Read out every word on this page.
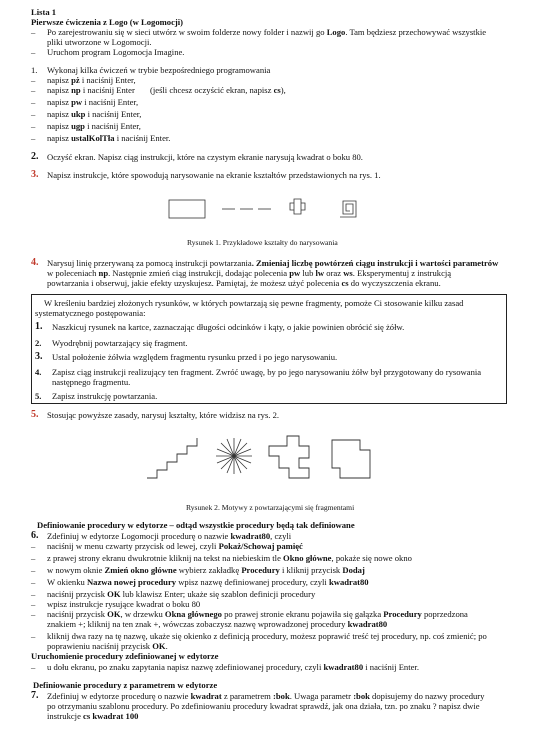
Lista 1
Pierwsze ćwiczenia z Logo (w Logomocji)
– Po zarejestrowaniu się w sieci utwórz w swoim folderze nowy folder i nazwij go Logo. Tam będziesz przechowywać wszystkie
pliki utworzone w Logomocji.
– Uruchom program Logomocja Imagine.
1. Wykonaj kilka ćwiczeń w trybie bezpośredniego programowania
– napisz pż i naciśnij Enter,
– napisz np i naciśnij Enter (jeśli chcesz oczyścić ekran, napisz cs),
– napisz pw i naciśnij Enter,
– napisz ukp i naciśnij Enter,
– napisz ugp i naciśnij Enter,
– napisz ustalKolTła i naciśnij Enter.
2. Oczyść ekran. Napisz ciąg instrukcji, które na czystym ekranie narysują kwadrat o boku 80.
3. Napisz instrukcje, które spowodują narysowanie na ekranie kształtów przedstawionych na rys. 1.
Rysunek 1. Przykładowe kształty do narysowania
4. Narysuj linię przerywaną za pomocą instrukcji powtarzania. Zmieniaj liczbę powtórzeń ciągu instrukcji i wartości parametrów
w poleceniach np. Następnie zmień ciąg instrukcji, dodając polecenia pw lub lw oraz ws. Eksperymentuj z instrukcją
powtarzania i obserwuj, jakie efekty uzyskujesz. Pamiętaj, że możesz użyć polecenia cs do wyczyszczenia ekranu.
W kreśleniu bardziej złożonych rysunków, w których powtarzają się pewne fragmenty, pomoże Ci stosowanie kilku zasad
systematycznego postępowania:
1. Naszkicuj rysunek na kartce, zaznaczając długości odcinków i kąty, o jakie powinien obrócić się żółw.
2. Wyodrębnij powtarzający się fragment.
3. Ustal położenie żółwia względem fragmentu rysunku przed i po jego narysowaniu.
4. Zapisz ciąg instrukcji realizujący ten fragment. Zwróć uwagę, by po jego narysowaniu żółw był przygotowany do rysowania
następnego fragmentu.
5. Zapisz instrukcję powtarzania.
5. Stosując powyższe zasady, narysuj kształty, które widzisz na rys. 2.
Rysunek 2. Motywy z powtarzającymi się fragmentami
Definiowanie procedury w edytorze – odtąd wszystkie procedury będą tak definiowane
6. Zdefiniuj w edytorze Logomocji procedurę o nazwie kwadrat80, czyli
– naciśnij w menu czwarty przycisk od lewej, czyli Pokaż/Schowaj pamięć
– z prawej strony ekranu dwukrotnie kliknij na tekst na niebieskim tle Okno główne, pokaże się nowe okno
– w nowym oknie Zmień okno główne wybierz zakładkę Procedury i kliknij przycisk Dodaj
– W okienku Nazwa nowej procedury wpisz nazwę definiowanej procedury, czyli kwadrat80
– naciśnij przycisk OK lub klawisz Enter; ukaże się szablon definicji procedury
– wpisz instrukcje rysujące kwadrat o boku 80
– naciśnij przycisk OK, w drzewku Okna głównego po prawej stronie ekranu pojawiła się gałązka Procedury poprzedzona
znakiem +; kliknij na ten znak +, wówczas zobaczysz nazwę wprowadzonej procedury kwadrat80
– kliknij dwa razy na tę nazwę, ukaże się okienko z definicją procedury, możesz poprawić treść tej procedury, np. coś zmienić; po
poprawieniu naciśnij przycisk OK.
Uruchomienie procedury zdefiniowanej w edytorze
– u dołu ekranu, po znaku zapytania napisz nazwę zdefiniowanej procedury, czyli kwadrat80 i naciśnij Enter.
Definiowanie procedury z parametrem w edytorze
7. Zdefiniuj w edytorze procedurę o nazwie kwadrat z parametrem :bok. Uwaga parametr :bok dopisujemy do nazwy procedury
po otrzymaniu szablonu procedury. Po zdefiniowaniu procedury kwadrat sprawdź, jak ona działa, tzn. po znaku ? napisz dwie
instrukcje cs kwadrat 100
